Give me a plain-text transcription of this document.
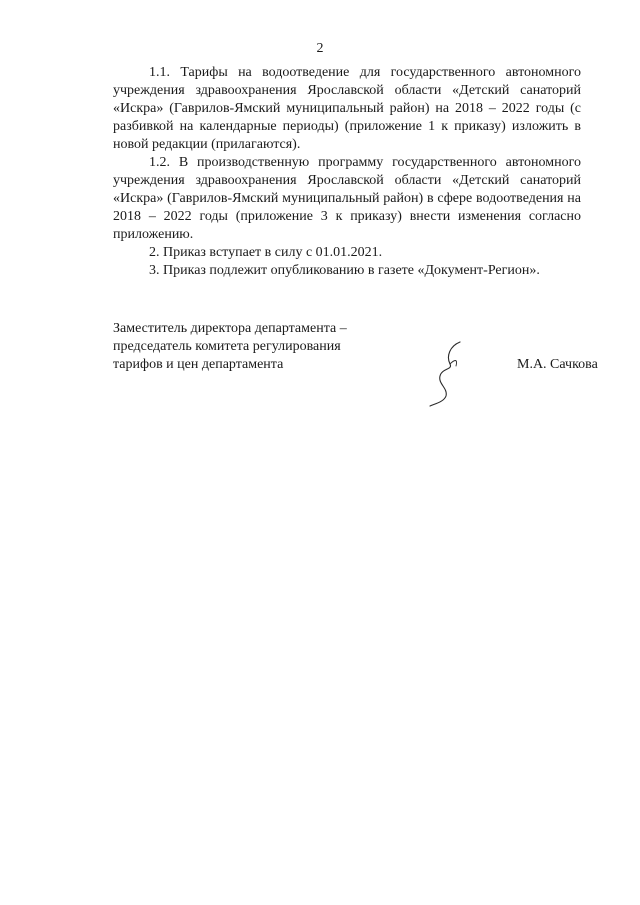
2

1.1. Тарифы на водоотведение для государственного автономного учреждения здравоохранения Ярославской области «Детский санаторий «Искра» (Гаврилов-Ямский муниципальный район) на 2018 – 2022 годы (с разбивкой на календарные периоды) (приложение 1 к приказу) изложить в новой редакции (прилагаются).

1.2. В производственную программу государственного автономного учреждения здравоохранения Ярославской области «Детский санаторий «Искра» (Гаврилов-Ямский муниципальный район) в сфере водоотведения на 2018 – 2022 годы (приложение 3 к приказу) внести изменения согласно приложению.

2. Приказ вступает в силу с 01.01.2021.

3. Приказ подлежит опубликованию в газете «Документ-Регион».

Заместитель директора департамента –
председатель комитета регулирования
тарифов и цен департамента	М.А. Сачкова
